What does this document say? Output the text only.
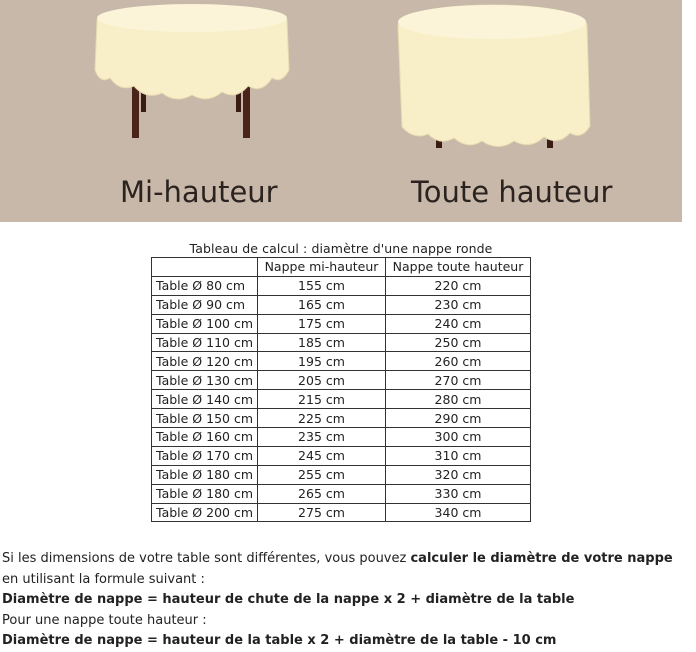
Mi-hauteur	Toute hauteur
Tableau de calcul : diamètre d'une nappe ronde
	Nappe mi-hauteur	Nappe toute hauteur
Table Ø 80 cm	155 cm	220 cm
Table Ø 90 cm	165 cm	230 cm
Table Ø 100 cm	175 cm	240 cm
Table Ø 110 cm	185 cm	250 cm
Table Ø 120 cm	195 cm	260 cm
Table Ø 130 cm	205 cm	270 cm
Table Ø 140 cm	215 cm	280 cm
Table Ø 150 cm	225 cm	290 cm
Table Ø 160 cm	235 cm	300 cm
Table Ø 170 cm	245 cm	310 cm
Table Ø 180 cm	255 cm	320 cm
Table Ø 180 cm	265 cm	330 cm
Table Ø 200 cm	275 cm	340 cm

Si les dimensions de votre table sont différentes, vous pouvez calculer le diamètre de votre nappe en utilisant la formule suivant :

Diamètre de nappe = hauteur de chute de la nappe x 2 + diamètre de la table

Pour une nappe toute hauteur :

Diamètre de nappe = hauteur de la table x 2 + diamètre de la table - 10 cm
